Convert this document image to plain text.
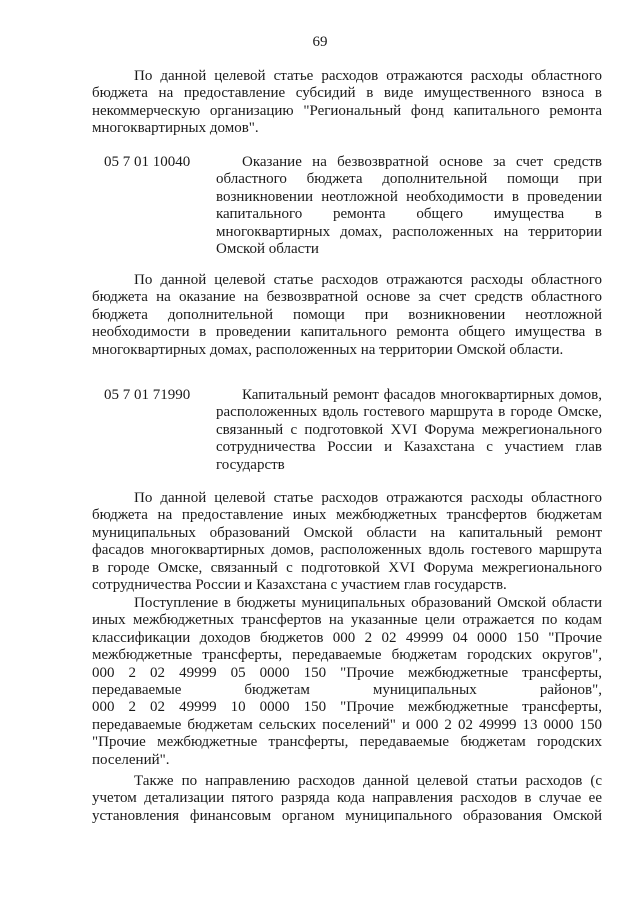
69
По данной целевой статье расходов отражаются расходы областного
бюджета на предоставление субсидий в виде имущественного взноса в
некоммерческую организацию "Региональный фонд капитального ремонта
многоквартирных домов".
05 7 01 10040	Оказание на безвозвратной основе за счет средств
областного бюджета дополнительной помощи при
возникновении неотложной необходимости в проведении
капитального ремонта общего имущества в
многоквартирных домах, расположенных на территории
Омской области
По данной целевой статье расходов отражаются расходы областного
бюджета на оказание на безвозвратной основе за счет средств областного
бюджета дополнительной помощи при возникновении неотложной
необходимости в проведении капитального ремонта общего имущества в
многоквартирных домах, расположенных на территории Омской области.
05 7 01 71990	Капитальный ремонт фасадов многоквартирных домов,
расположенных вдоль гостевого маршрута в городе Омске,
связанный с подготовкой XVI Форума межрегионального
сотрудничества России и Казахстана с участием глав
государств
По данной целевой статье расходов отражаются расходы областного
бюджета на предоставление иных межбюджетных трансфертов бюджетам
муниципальных образований Омской области на капитальный ремонт
фасадов многоквартирных домов, расположенных вдоль гостевого маршрута
в городе Омске, связанный с подготовкой XVI Форума межрегионального
сотрудничества России и Казахстана с участием глав государств.
Поступление в бюджеты муниципальных образований Омской области
иных межбюджетных трансфертов на указанные цели отражается по кодам
классификации доходов бюджетов 000 2 02 49999 04 0000 150 "Прочие
межбюджетные трансферты, передаваемые бюджетам городских округов",
000 2 02 49999 05 0000 150 "Прочие межбюджетные трансферты,
передаваемые бюджетам муниципальных районов",
000 2 02 49999 10 0000 150 "Прочие межбюджетные трансферты,
передаваемые бюджетам сельских поселений" и 000 2 02 49999 13 0000 150
"Прочие межбюджетные трансферты, передаваемые бюджетам городских
поселений".
Также по направлению расходов данной целевой статьи расходов (с
учетом детализации пятого разряда кода направления расходов в случае ее
установления финансовым органом муниципального образования Омской
